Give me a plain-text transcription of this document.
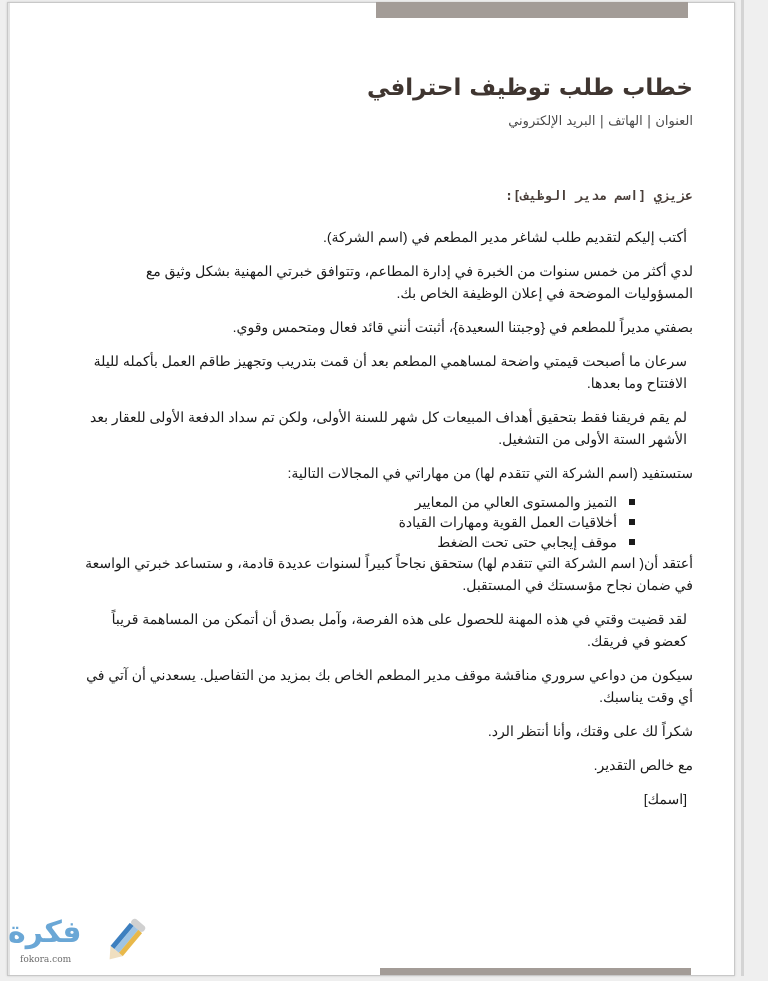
خطاب طلب توظيف احترافي
العنوان | الهاتف | البريد الإلكتروني
عزيزي [اسم مدير الوظيف]:

أكتب إليكم لتقديم طلب لشاغر مدير المطعم في (اسم الشركة).

لدي أكثر من خمس سنوات من الخبرة في إدارة المطاعم، وتتوافق خبرتي المهنية بشكل وثيق مع المسؤوليات الموضحة في إعلان الوظيفة الخاص بك.

بصفتي مديراً للمطعم في {وجبتنا السعيدة}، أثبتت أنني قائد فعال ومتحمس وقوي.

سرعان ما أصبحت قيمتي واضحة لمساهمي المطعم بعد أن قمت بتدريب وتجهيز طاقم العمل بأكمله لليلة الافتتاح وما بعدها.

لم يقم فريقنا فقط بتحقيق أهداف المبيعات كل شهر للسنة الأولى، ولكن تم سداد الدفعة الأولى للعقار بعد الأشهر الستة الأولى من التشغيل.

ستستفيد (اسم الشركة التي تتقدم لها) من مهاراتي في المجالات التالية:

التميز والمستوى العالي من المعايير
أخلاقيات العمل القوية ومهارات القيادة
موقف إيجابي حتى تحت الضغط

أعتقد أن( اسم الشركة التي تتقدم لها) ستحقق نجاحاً كبيراً لسنوات عديدة قادمة، و ستساعد خبرتي الواسعة في ضمان نجاح مؤسستك في المستقبل.

لقد قضيت وقتي في هذه المهنة للحصول على هذه الفرصة، وآمل بصدق أن أتمكن من المساهمة قريباً كعضو في فريقك.

سيكون من دواعي سروري مناقشة موقف مدير المطعم الخاص بك بمزيد من التفاصيل. يسعدني أن آتي في أي وقت يناسبك.

شكراً لك على وقتك، وأنا أنتظر الرد.

مع خالص التقدير.

[اسمك]

فكرة
fokora.com
